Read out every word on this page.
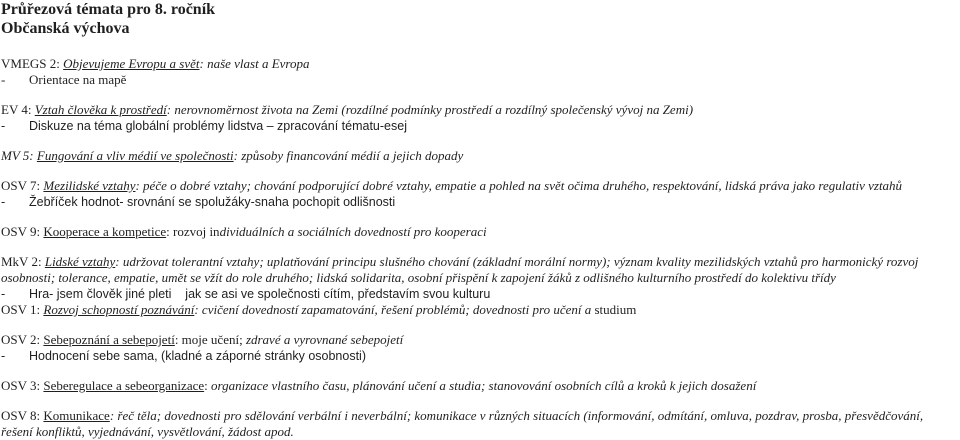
Průřezová témata pro 8. ročník
Občanská výchova

VMEGS 2: Objevujeme Evropu a svět: naše vlast a Evropa

- Orientace na mapě

EV 4: Vztah člověka k prostředí: nerovnoměrnost života na Zemi (rozdílné podmínky prostředí a rozdílný společenský vývoj na Zemi)

- Diskuze na téma globální problémy lidstva – zpracování tématu-esej

MV 5: Fungování a vliv médií ve společnosti: způsoby financování médií a jejich dopady

OSV 7: Mezilidské vztahy: péče o dobré vztahy; chování podporující dobré vztahy, empatie a pohled na svět očima druhého, respektování, lidská práva jako regulativ vztahů

- Žebříček hodnot- srovnání se spolužáky-snaha pochopit odlišnosti

OSV 9: Kooperace a kompetice: rozvoj individuálních a sociálních dovedností pro kooperaci

MkV 2: Lidské vztahy: udržovat tolerantní vztahy; uplatňování principu slušného chování (základní morální normy); význam kvality mezilidských vztahů pro harmonický rozvoj

osobnosti; tolerance, empatie, umět se vžít do role druhého; lidská solidarita, osobní přispění k zapojení žáků z odlišného kulturního prostředí do kolektivu třídy

- Hra- jsem člověk jiné pleti    jak se asi ve společnosti cítím, představím svou kulturu

OSV 1: Rozvoj schopností poznávání: cvičení dovedností zapamatování, řešení problémů; dovednosti pro učení a studium

OSV 2: Sebepoznání a sebepojetí: moje učení; zdravé a vyrovnané sebepojetí

- Hodnocení sebe sama, (kladné a záporné stránky osobnosti)

OSV 3: Seberegulace a sebeorganizace: organizace vlastního času, plánování učení a studia; stanovování osobních cílů a kroků k jejich dosažení

OSV 8: Komunikace: řeč těla; dovednosti pro sdělování verbální i neverbální; komunikace v různých situacích (informování, odmítání, omluva, pozdrav, prosba, přesvědčování,

řešení konfliktů, vyjednávání, vysvětlování, žádost apod.
